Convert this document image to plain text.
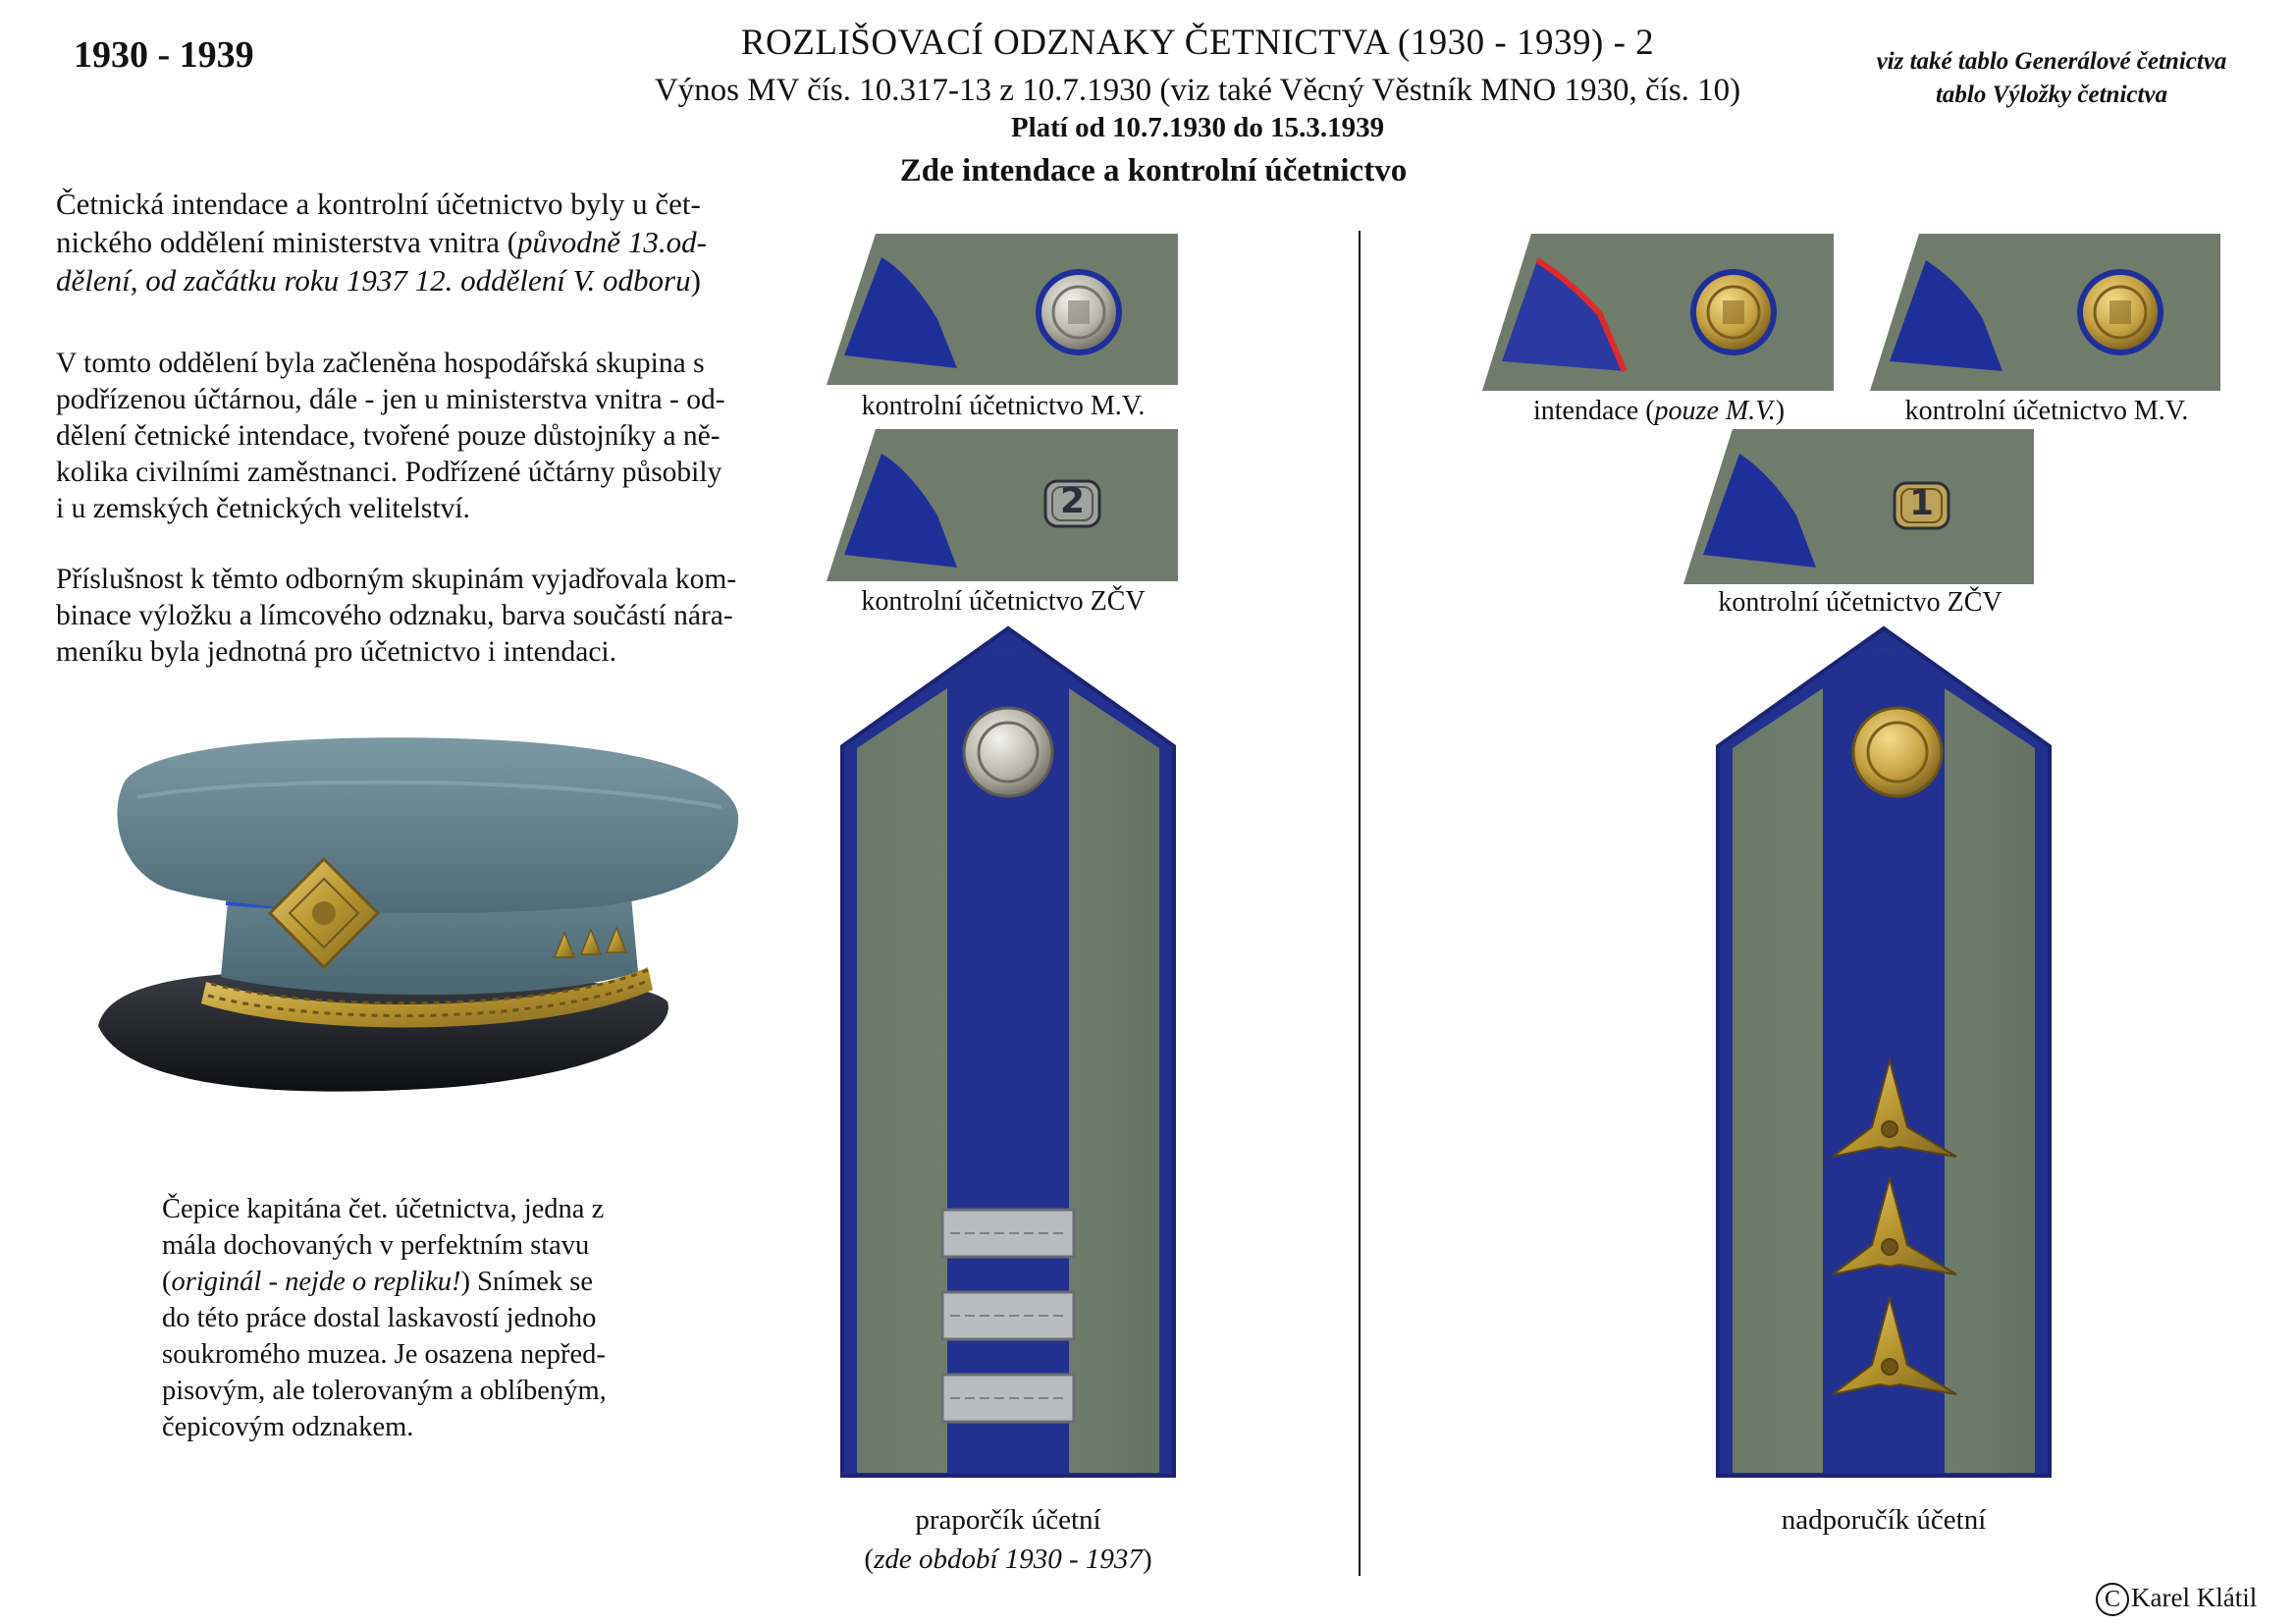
1930 - 1939	ROZLIŠOVACÍ ODZNAKY ČETNICTVA (1930 - 1939) - 2
Výnos MV čís. 10.317-13 z 10.7.1930 (viz také Věcný Věstník MNO 1930, čís. 10)
Platí od 10.7.1930 do 15.3.1939
Zde intendace a kontrolní účetnictvo
viz také tablo Generálové četnictva
tablo Výložky četnictva
Četnická intendace a kontrolní účetnictvo byly u čet-
nického oddělení ministerstva vnitra (původně 13.od-
dělení, od začátku roku 1937 12. oddělení V. odboru)
V tomto oddělení byla začleněna hospodářská skupina s
podřízenou účtárnou, dále - jen u ministerstva vnitra - od-
dělení četnické intendace, tvořené pouze důstojníky a ně-
kolika civilními zaměstnanci. Podřízené účtárny působily
i u zemských četnických velitelství.
Příslušnost k těmto odborným skupinám vyjadřovala kom-
binace výložku a límcového odznaku, barva součástí nára-
meníku byla jednotná pro účetnictvo i intendaci.
Čepice kapitána čet. účetnictva, jedna z
mála dochovaných v perfektním stavu
(originál - nejde o repliku!) Snímek se
do této práce dostal laskavostí jednoho
soukromého muzea. Je osazena nepřed-
pisovým, ale tolerovaným a oblíbeným,
čepicovým odznakem.
2	1
kontrolní účetnictvo M.V.
kontrolní účetnictvo ZČV
intendace (pouze M.V.)	kontrolní účetnictvo M.V.
kontrolní účetnictvo ZČV
praporčík účetní
(zde období 1930 - 1937)
nadporučík účetní
C Karel Klátil
